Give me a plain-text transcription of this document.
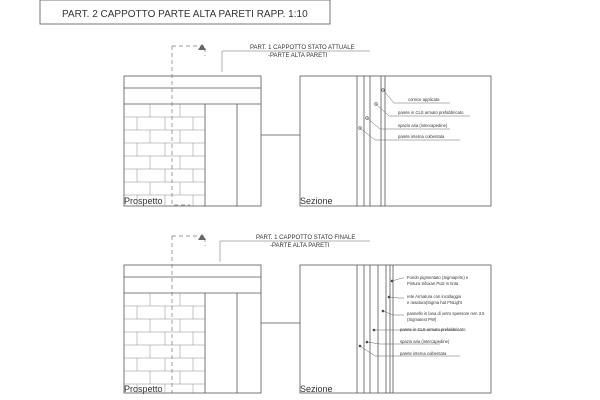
PART. 2 CAPPOTTO PARTE ALTA PARETI RAPP. 1:10
PART. 1 CAPPOTTO STATO ATTUALE
-PARTE ALTA PARETI
Prospetto	Sezione
cornice applicata
parete in CLS armato prefabbricato
spazio aria (intercapedine)
parete interna coibentata
PART. 1 CAPPOTTO STATO FINALE
-PARTE ALTA PARETI
Prospetto	Sezione
Fondo pigmentato (Sigmaprim) e
Pintura Siloxan Putz in tinta
rete Armatura con incollaggio
e rasatura(Sigma hat FNLight
pannello in lana di vetro spessore mm 3.5
(Sigmatext PW)
parete in CLS armato prefabbricato
spazio aria (intercapedine)
parete interna coibentata
